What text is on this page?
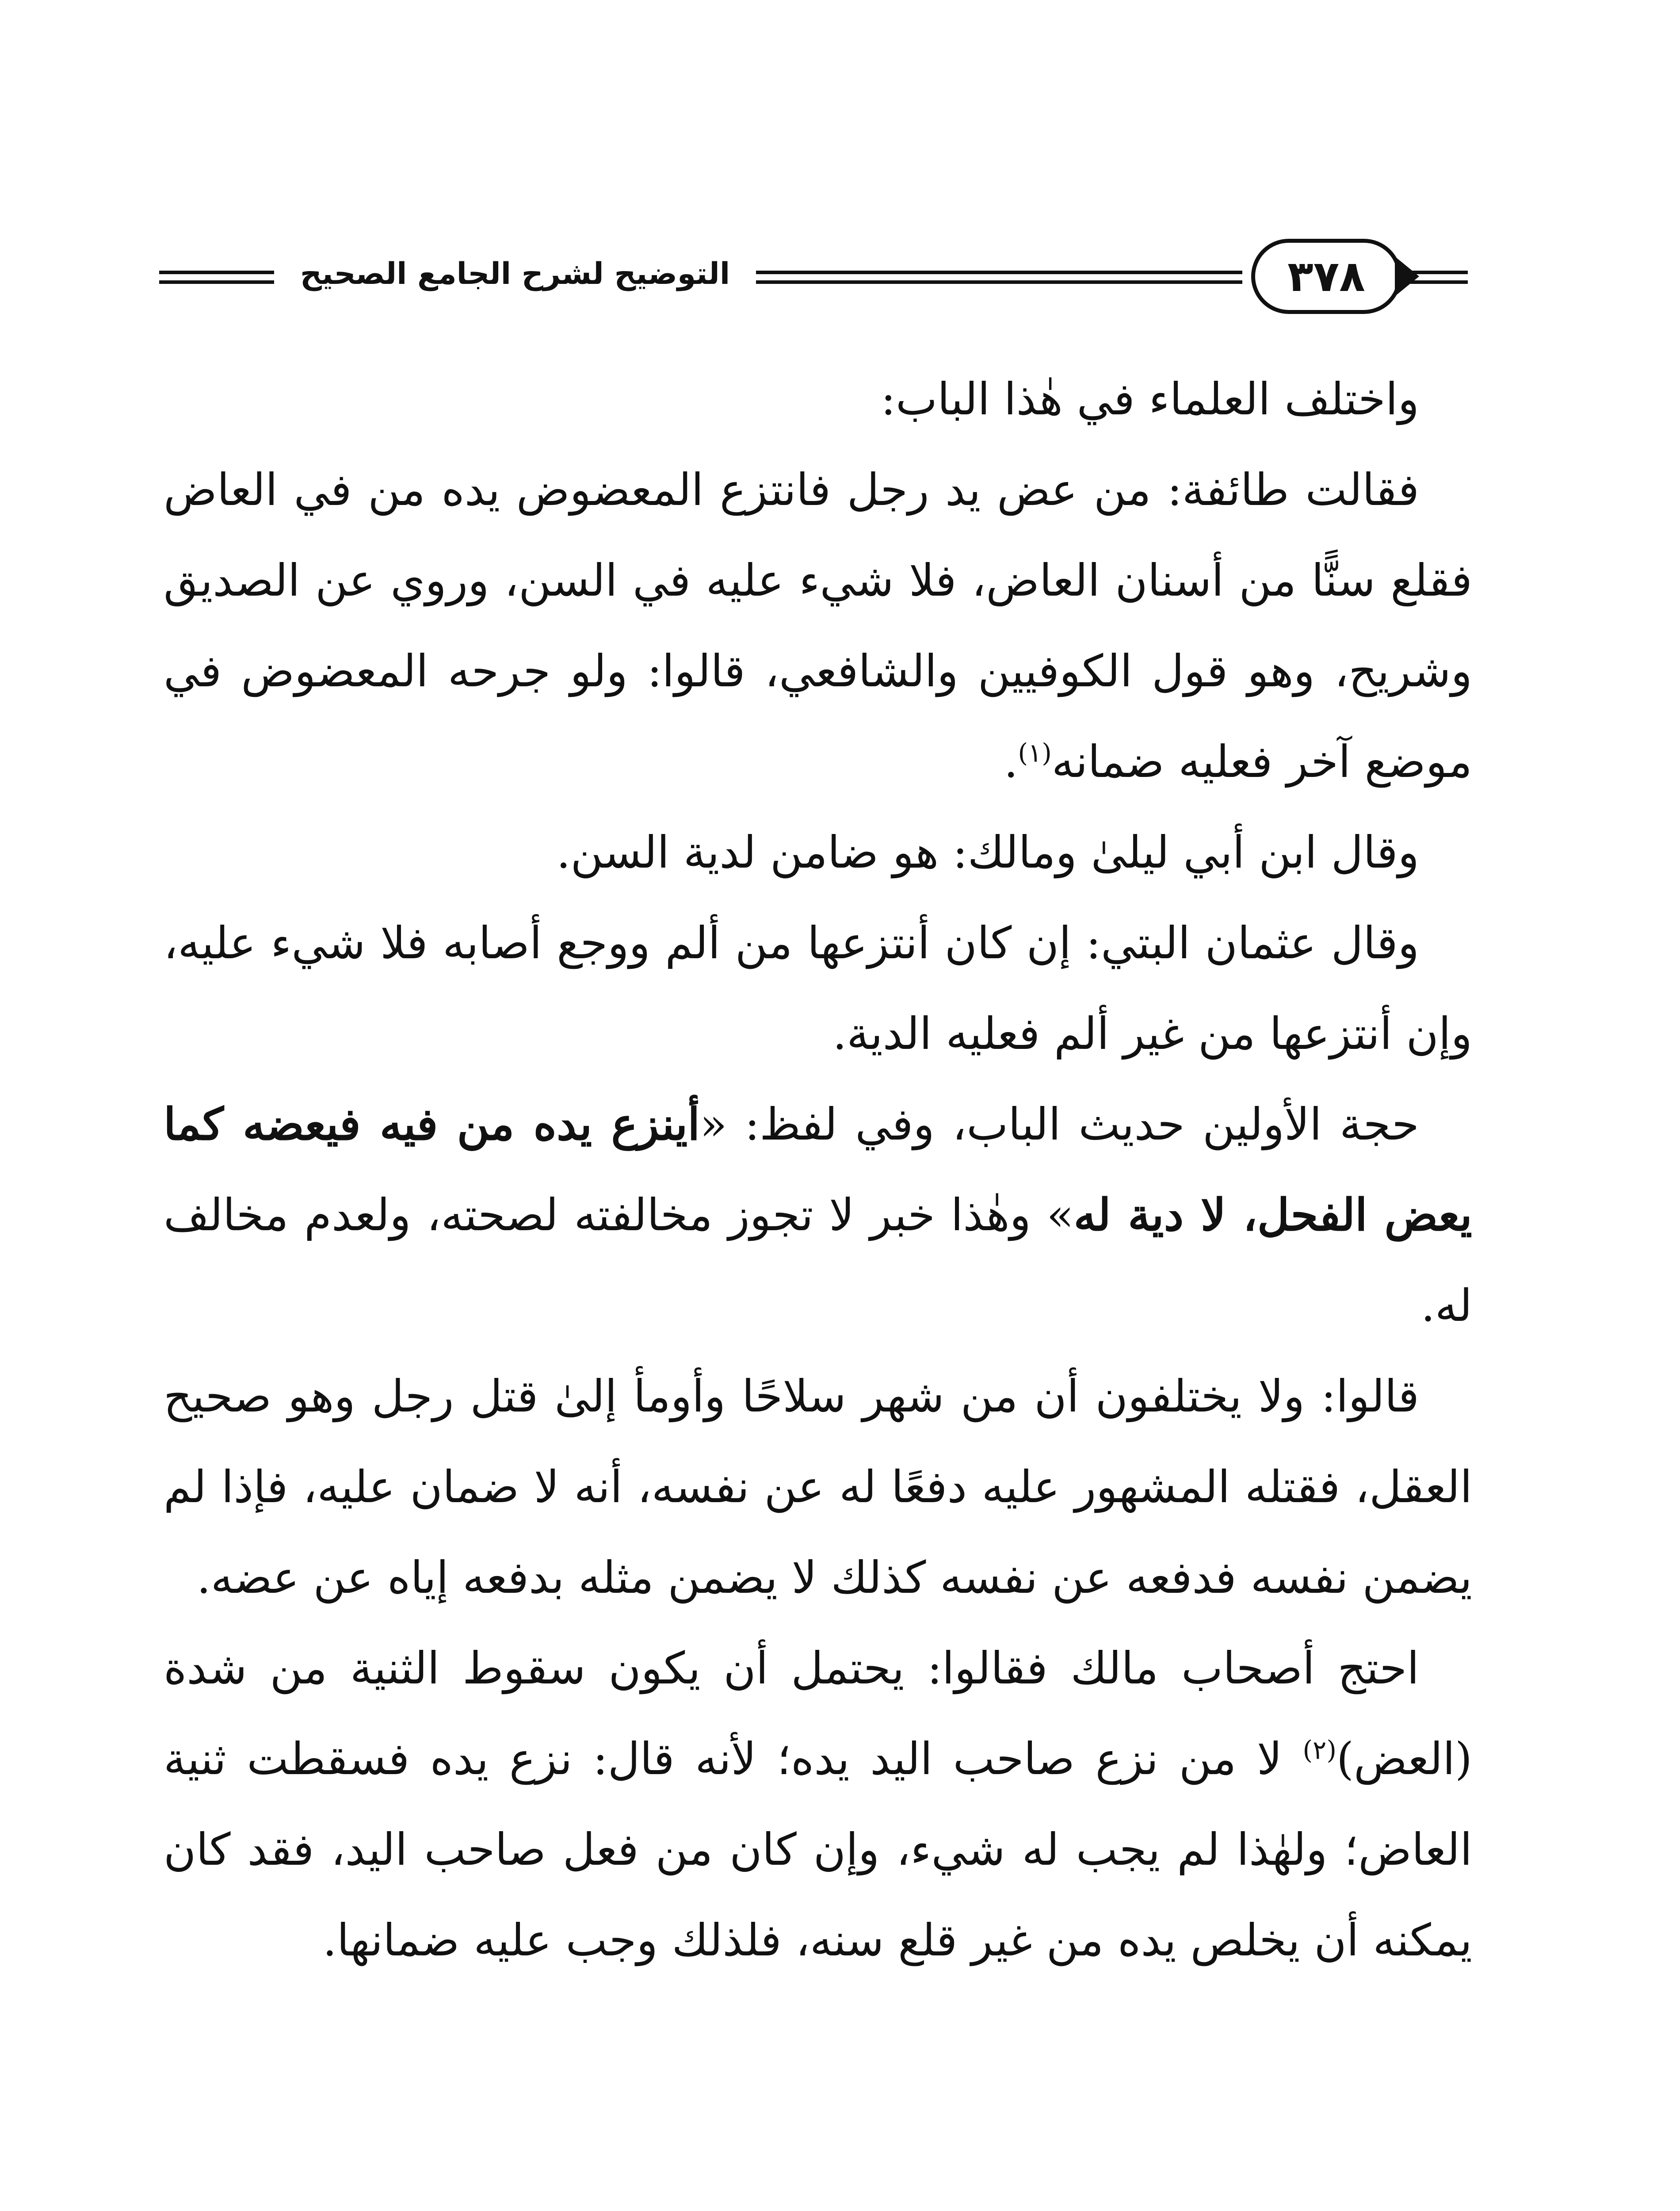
التوضيح لشرح الجامع الصحيح	٣٧٨

واختلف العلماء في هٰذا الباب:

فقالت طائفة: من عض يد رجل فانتزع المعضوض يده من في العاض فقلع سنًّا من أسنان العاض، فلا شيء عليه في السن، وروي عن الصديق وشريح، وهو قول الكوفيين والشافعي، قالوا: ولو جرحه المعضوض في موضع آخر فعليه ضمانه$^{(١)}$.

وقال ابن أبي ليلىٰ ومالك: هو ضامن لدية السن.

وقال عثمان البتي: إن كان أنتزعها من ألم ووجع أصابه فلا شيء عليه، وإن أنتزعها من غير ألم فعليه الدية.

حجة الأولين حديث الباب، وفي لفظ: «أينزع يده من فيه فيعضه كما يعض الفحل، لا دية له» وهٰذا خبر لا تجوز مخالفته لصحته، ولعدم مخالف له.

قالوا: ولا يختلفون أن من شهر سلاحًا وأومأ إلىٰ قتل رجل وهو صحيح العقل، فقتله المشهور عليه دفعًا له عن نفسه، أنه لا ضمان عليه، فإذا لم يضمن نفسه فدفعه عن نفسه كذلك لا يضمن مثله بدفعه إياه عن عضه.

احتج أصحاب مالك فقالوا: يحتمل أن يكون سقوط الثنية من شدة (العض)$^{(٢)}$ لا من نزع صاحب اليد يده؛ لأنه قال: نزع يده فسقطت ثنية العاض؛ ولهٰذا لم يجب له شيء، وإن كان من فعل صاحب اليد، فقد كان يمكنه أن يخلص يده من غير قلع سنه، فلذلك وجب عليه ضمانها.
